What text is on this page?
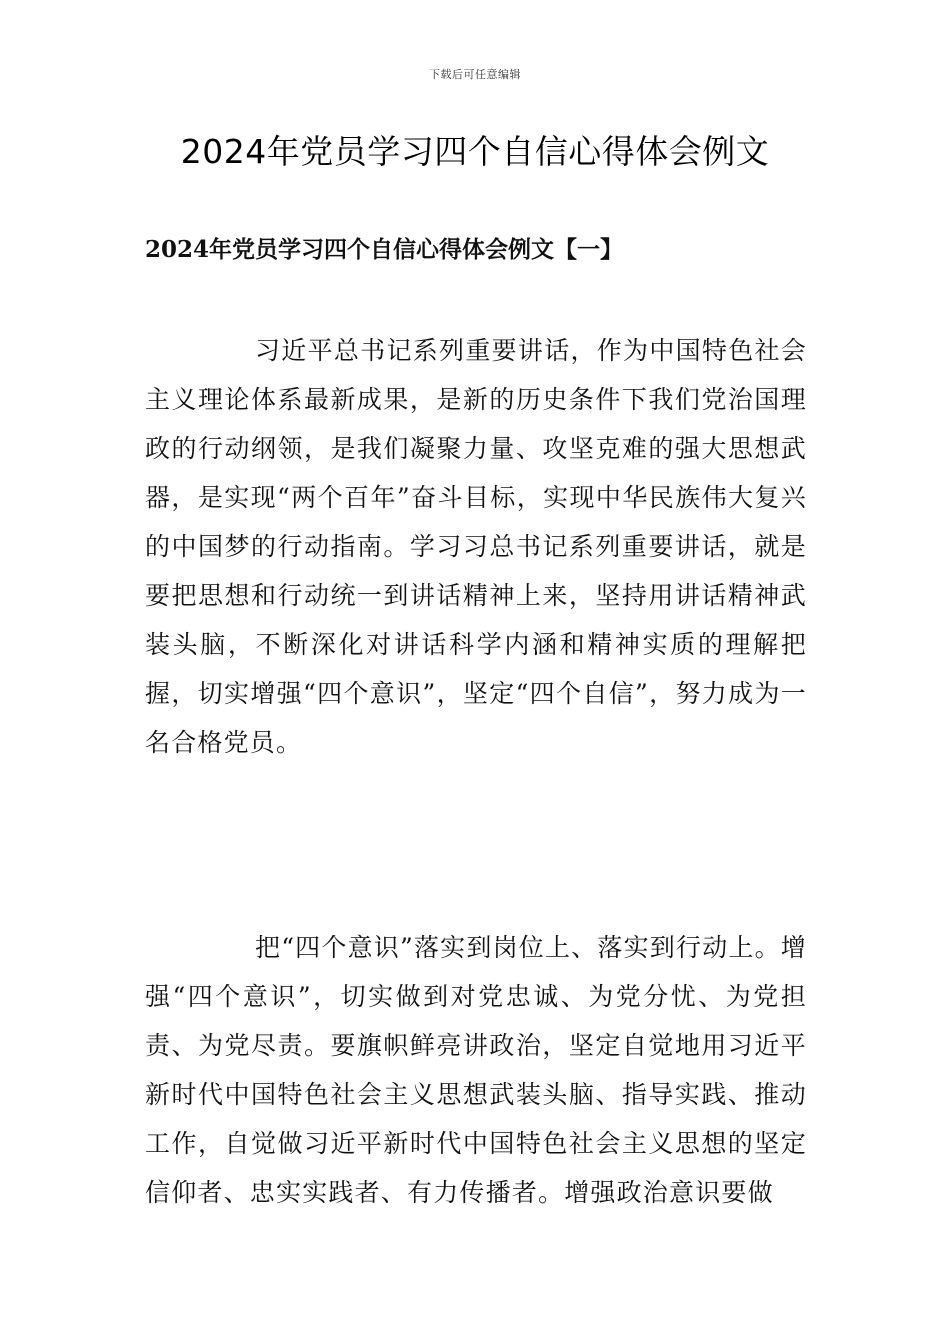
下载后可任意编辑
2024年党员学习四个自信心得体会例文
2024年党员学习四个自信心得体会例文【一】

习近平总书记系列重要讲话，作为中国特色社会主义理论体系最新成果，是新的历史条件下我们党治国理政的行动纲领，是我们凝聚力量、攻坚克难的强大思想武器，是实现“两个百年”奋斗目标，实现中华民族伟大复兴的中国梦的行动指南。学习习总书记系列重要讲话，就是要把思想和行动统一到讲话精神上来，坚持用讲话精神武装头脑，不断深化对讲话科学内涵和精神实质的理解把握，切实增强“四个意识”，坚定“四个自信”，努力成为一名合格党员。

把“四个意识”落实到岗位上、落实到行动上。增强“四个意识”，切实做到对党忠诚、为党分忧、为党担责、为党尽责。要旗帜鲜亮讲政治，坚定自觉地用习近平新时代中国特色社会主义思想武装头脑、指导实践、推动工作，自觉做习近平新时代中国特色社会主义思想的坚定信仰者、忠实实践者、有力传播者。增强政治意识要做
